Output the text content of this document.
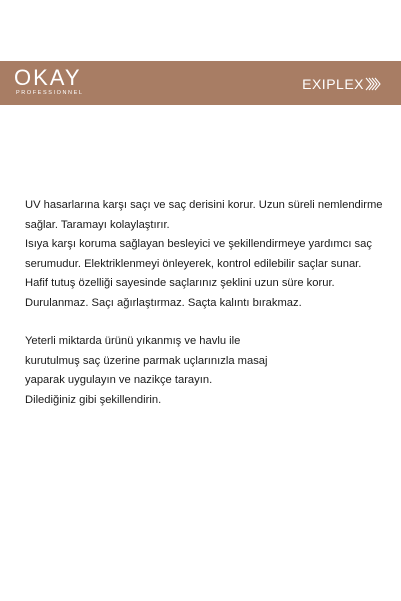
OKAY
PROFESSIONNEL
EXIPLEX

UV hasarlarına karşı saçı ve saç derisini korur. Uzun süreli nemlendirme
sağlar. Taramayı kolaylaştırır.
Isıya karşı koruma sağlayan besleyici ve şekillendirmeye yardımcı saç
serumudur. Elektriklenmeyi önleyerek, kontrol edilebilir saçlar sunar.
Hafif tutuş özelliği sayesinde saçlarınız şeklini uzun süre korur.
Durulanmaz. Saçı ağırlaştırmaz. Saçta kalıntı bırakmaz.

Yeterli miktarda ürünü yıkanmış ve havlu ile
kurutulmuş saç üzerine parmak uçlarınızla masaj
yaparak uygulayın ve nazikçe tarayın.
Dilediğiniz gibi şekillendirin.
